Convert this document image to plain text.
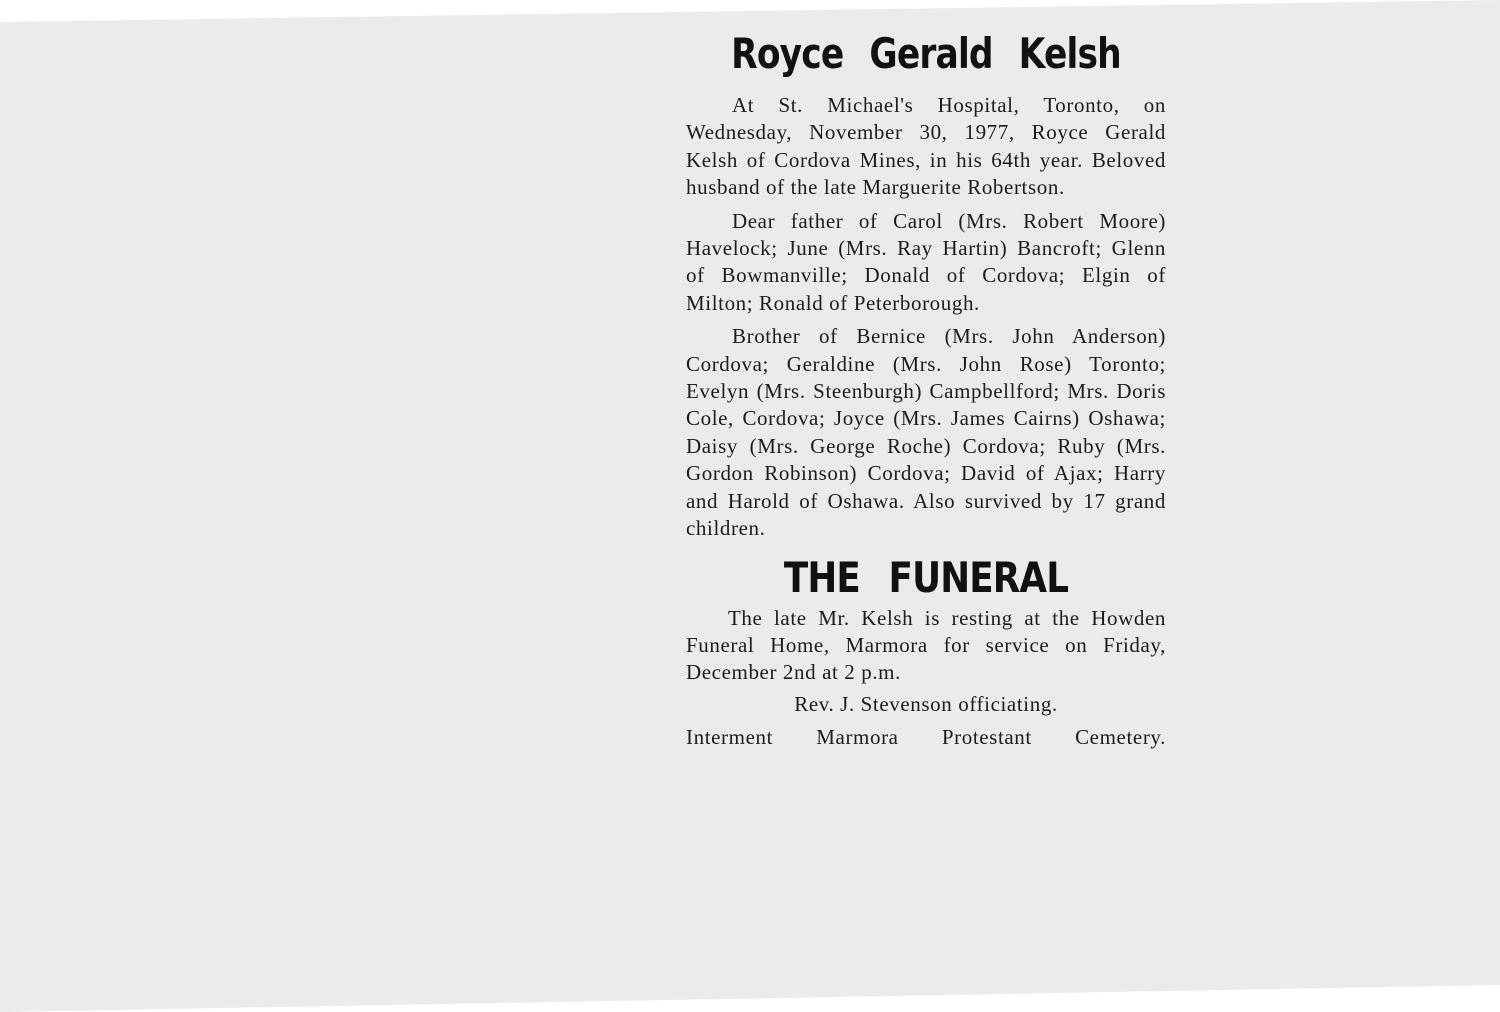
Royce Gerald Kelsh

At St. Michael's Hospital, Toronto, on Wednesday, November 30, 1977, Royce Gerald Kelsh of Cordova Mines, in his 64th year. Beloved husband of the late Marguerite Robertson.

Dear father of Carol (Mrs. Robert Moore) Havelock; June (Mrs. Ray Hartin) Bancroft; Glenn of Bowmanville; Donald of Cordova; Elgin of Milton; Ronald of Peterborough.

Brother of Bernice (Mrs. John Anderson) Cordova; Geraldine (Mrs. John Rose) Toronto; Evelyn (Mrs. Steenburgh) Campbellford; Mrs. Doris Cole, Cordova; Joyce (Mrs. James Cairns) Oshawa; Daisy (Mrs. George Roche) Cordova; Ruby (Mrs. Gordon Robinson) Cordova; David of Ajax; Harry and Harold of Oshawa. Also survived by 17 grand children.

THE FUNERAL

The late Mr. Kelsh is resting at the Howden Funeral Home, Marmora for service on Friday, December 2nd at 2 p.m.

Rev. J. Stevenson officiating.

Interment Marmora Protestant Cemetery.
